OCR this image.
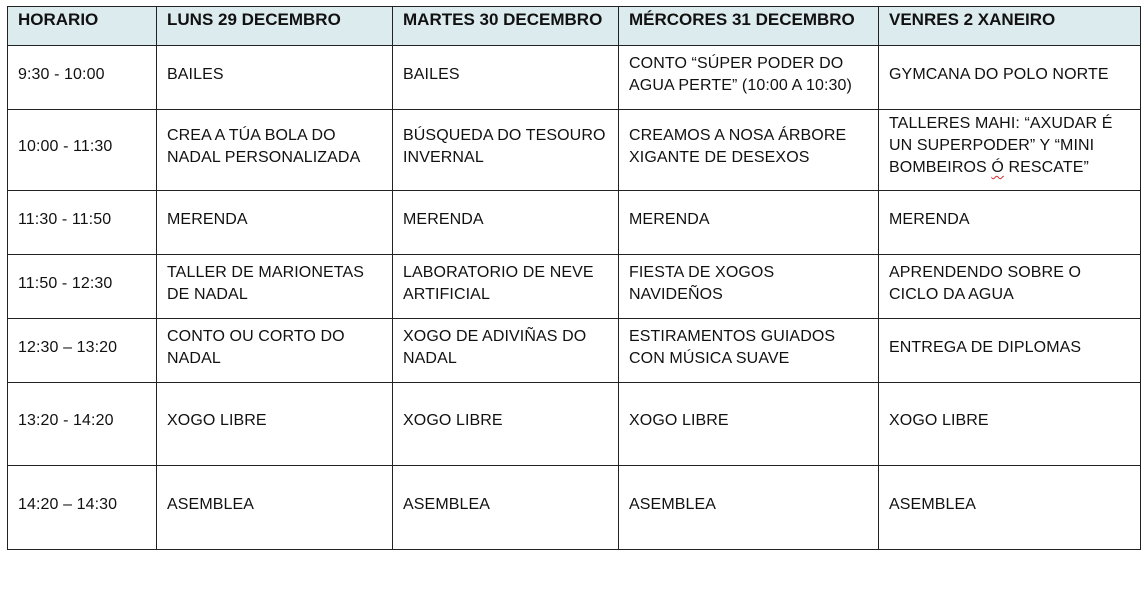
HORARIO	LUNS 29 DECEMBRO	MARTES 30 DECEMBRO	MÉRCORES 31 DECEMBRO	VENRES 2 XANEIRO

9:30 - 10:00	BAILES	BAILES	CONTO “SÚPER PODER DO AGUA PERTE” (10:00 A 10:30)	GYMCANA DO POLO NORTE

10:00 - 11:30	CREA A TÚA BOLA DO NADAL PERSONALIZADA	BÚSQUEDA DO TESOURO INVERNAL	CREAMOS A NOSA ÁRBORE XIGANTE DE DESEXOS	TALLERES MAHI: “AXUDAR É UN SUPERPODER” Y “MINI BOMBEIROS Ó RESCATE”

11:30 - 11:50	MERENDA	MERENDA	MERENDA	MERENDA

11:50 - 12:30	TALLER DE MARIONETAS DE NADAL	LABORATORIO DE NEVE ARTIFICIAL	FIESTA DE XOGOS NAVIDEÑOS	APRENDENDO SOBRE O CICLO DA AGUA

12:30 – 13:20	CONTO OU CORTO DO NADAL	XOGO DE ADIVIÑAS DO NADAL	ESTIRAMENTOS GUIADOS CON MÚSICA SUAVE	ENTREGA DE DIPLOMAS

13:20 - 14:20	XOGO LIBRE	XOGO LIBRE	XOGO LIBRE	XOGO LIBRE

14:20 – 14:30	ASEMBLEA	ASEMBLEA	ASEMBLEA	ASEMBLEA
